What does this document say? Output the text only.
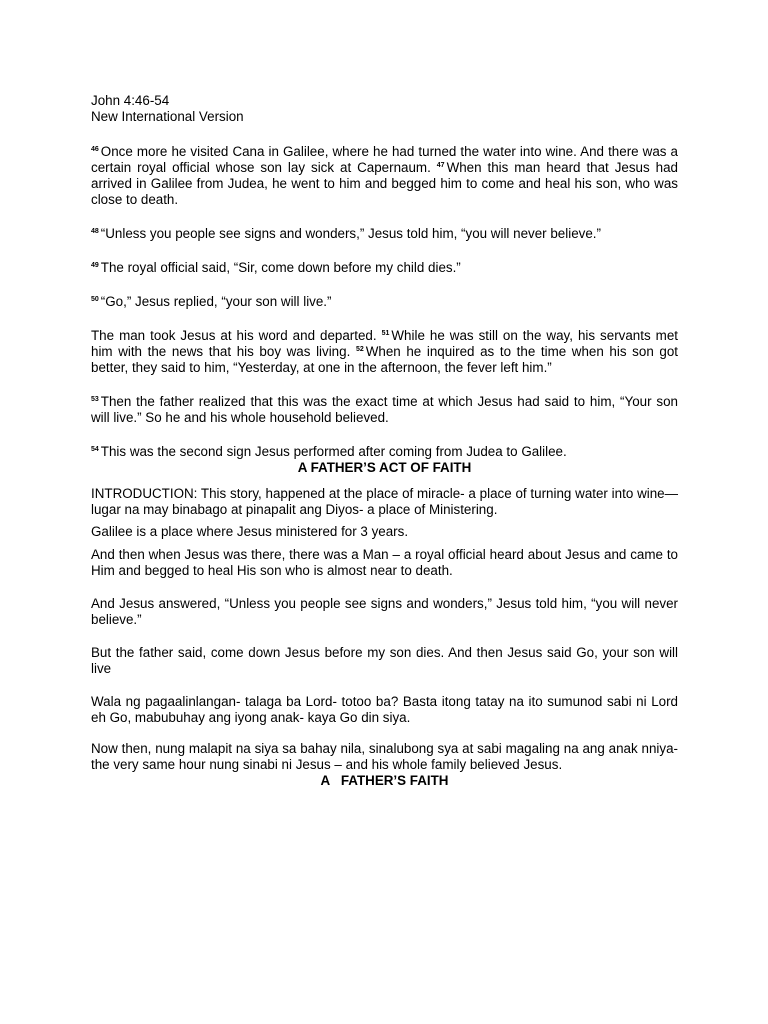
John 4:46-54
New International Version

$^{46}$ Once more he visited Cana in Galilee, where he had turned the water into wine. And there was a certain royal official whose son lay sick at Capernaum. $^{47}$ When this man heard that Jesus had arrived in Galilee from Judea, he went to him and begged him to come and heal his son, who was close to death.

$^{48}$ “Unless you people see signs and wonders,” Jesus told him, “you will never believe.”

$^{49}$ The royal official said, “Sir, come down before my child dies.”

$^{50}$ “Go,” Jesus replied, “your son will live.”

The man took Jesus at his word and departed. $^{51}$ While he was still on the way, his servants met him with the news that his boy was living. $^{52}$ When he inquired as to the time when his son got better, they said to him, “Yesterday, at one in the afternoon, the fever left him.”

$^{53}$ Then the father realized that this was the exact time at which Jesus had said to him, “Your son will live.” So he and his whole household believed.

$^{54}$ This was the second sign Jesus performed after coming from Judea to Galilee.

A FATHER’S ACT OF FAITH

INTRODUCTION: This story, happened at the place of miracle- a place of turning water into wine—lugar na may binabago at pinapalit ang Diyos- a place of Ministering.

Galilee is a place where Jesus ministered for 3 years.

And then when Jesus was there, there was a Man – a royal official heard about Jesus and came to Him and begged to heal His son who is almost near to death.

And Jesus answered, “Unless you people see signs and wonders,” Jesus told him, “you will never believe.”

But the father said, come down Jesus before my son dies. And then Jesus said Go, your son will live

Wala ng pagaalinlangan- talaga ba Lord- totoo ba? Basta itong tatay na ito sumunod sabi ni Lord eh Go, mabubuhay ang iyong anak- kaya Go din siya.

Now then, nung malapit na siya sa bahay nila, sinalubong sya at sabi magaling na ang anak nniya- the very same hour nung sinabi ni Jesus – and his whole family believed Jesus.

A   FATHER’S FAITH
